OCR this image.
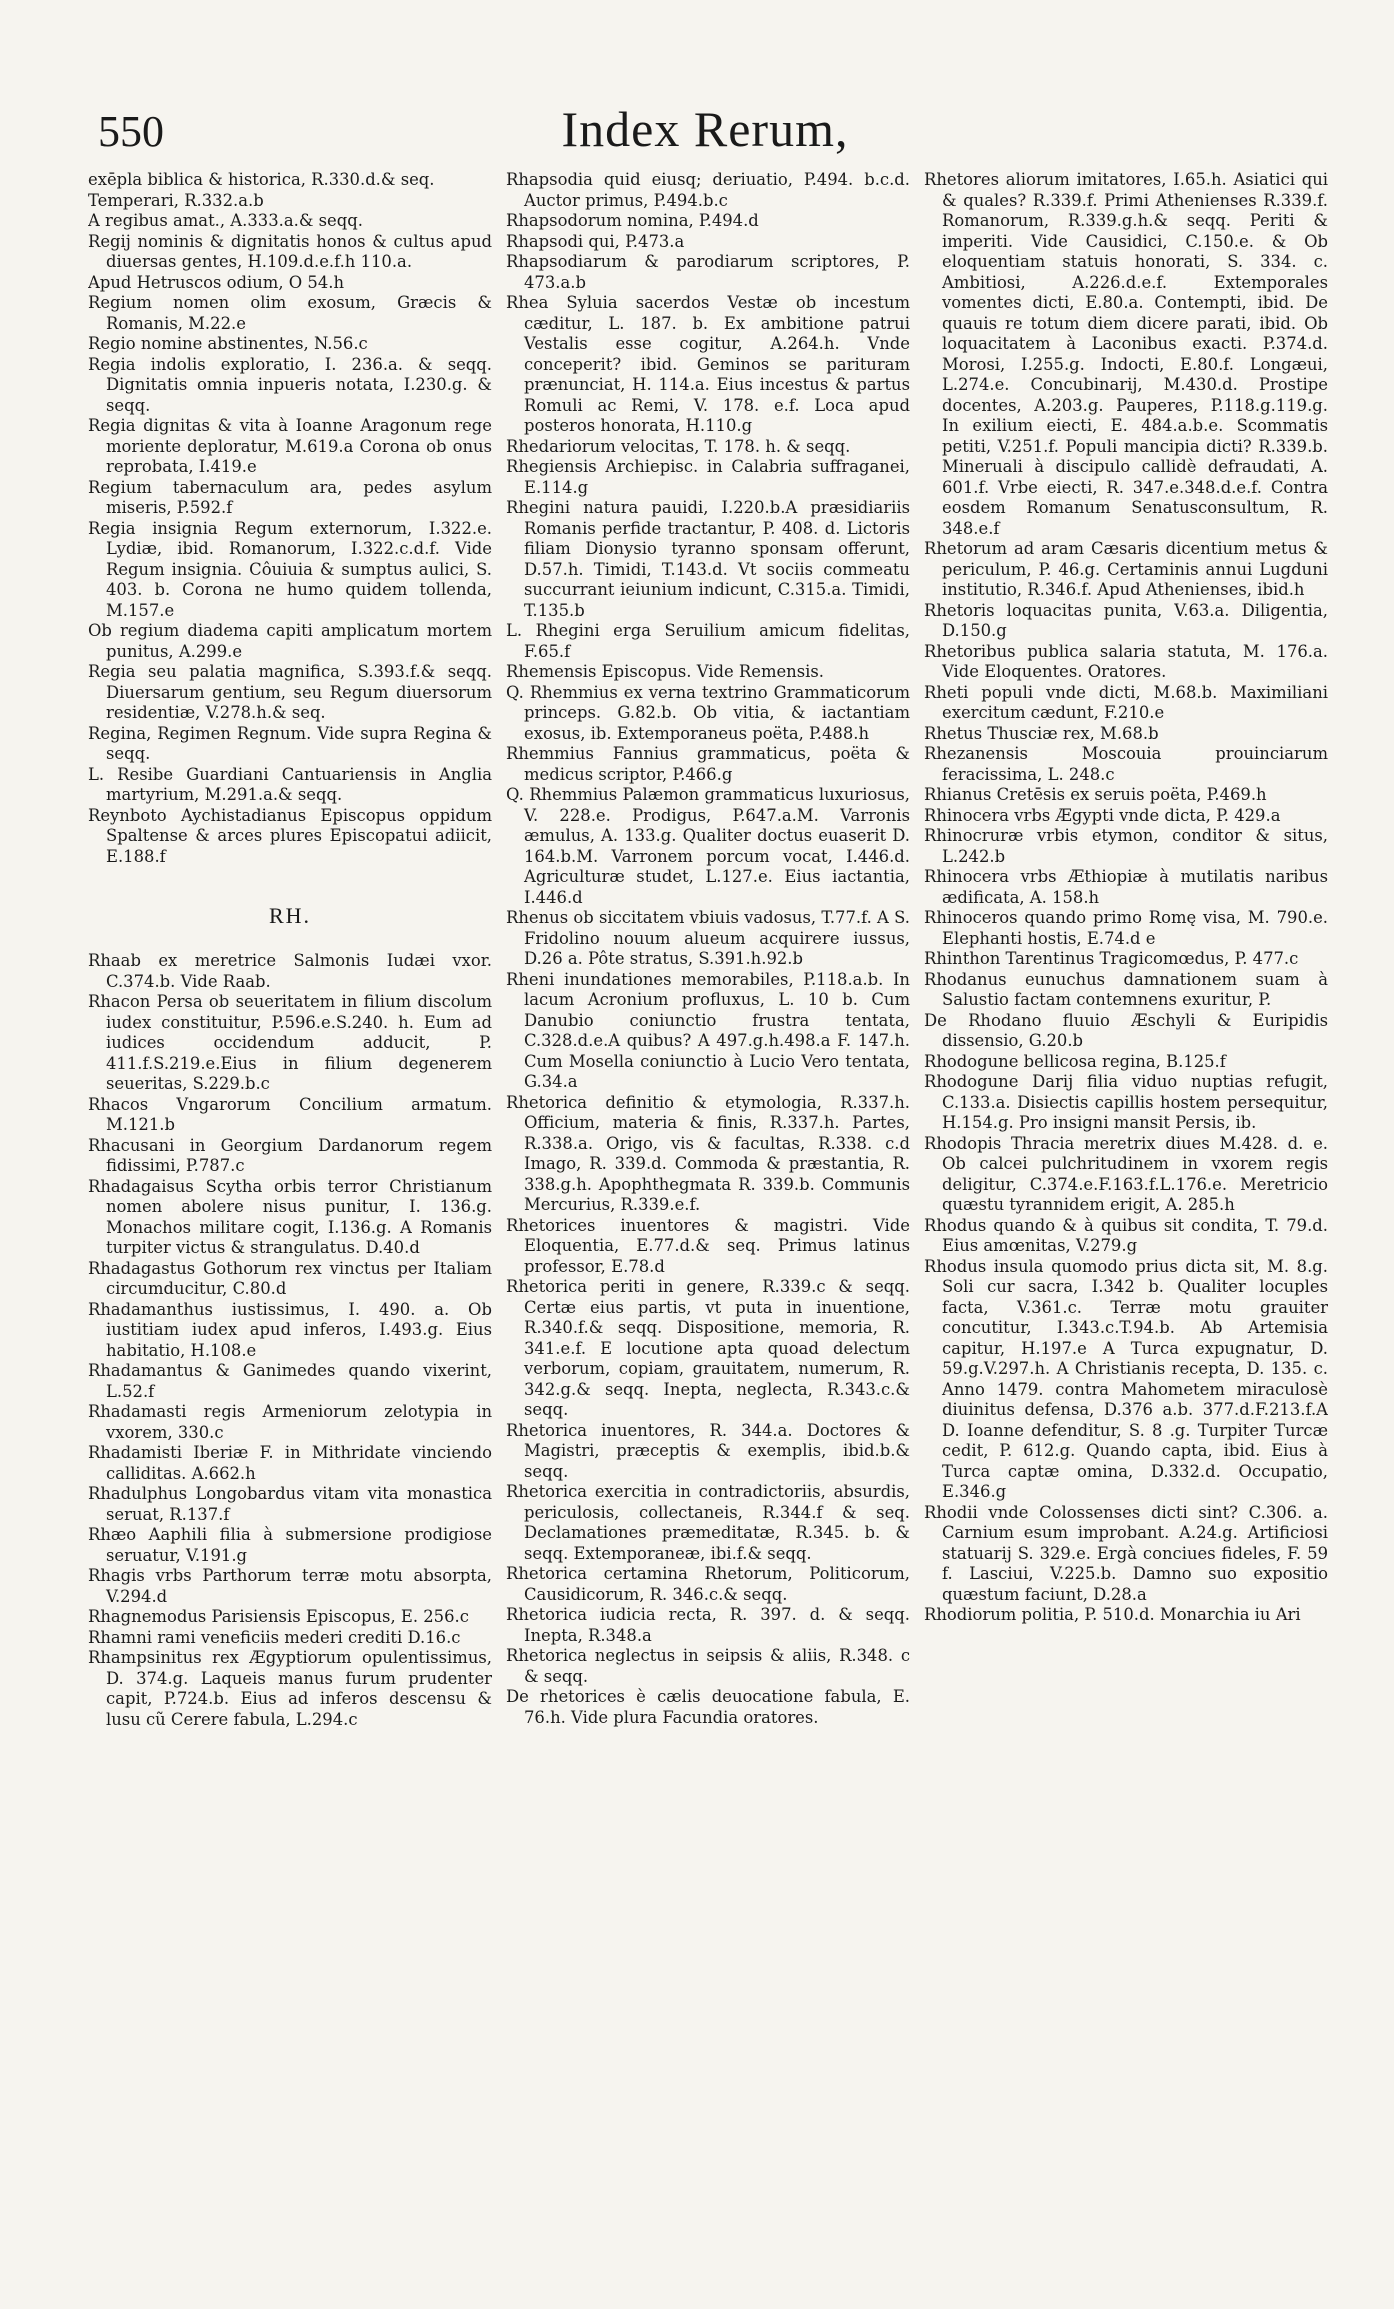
550	Index Rerum,

exēpla biblica & historica, R.330.d.& seq.

Temperari, R.332.a.b

A regibus amat., A.333.a.& seqq.

Regij nominis & dignitatis honos & cultus apud diuersas gentes, H.109.d.e.f.h 110.a.

Apud Hetruscos odium, O 54.h

Regium nomen olim exosum, Græcis & Romanis, M.22.e

Regio nomine abstinentes, N.56.c

Regia indolis exploratio, I. 236.a. & seqq. Dignitatis omnia inpueris notata, I.230.g. & seqq.

Regia dignitas & vita à Ioanne Aragonum rege moriente deploratur, M.619.a Corona ob onus reprobata, I.419.e

Regium tabernaculum ara, pedes asylum miseris, P.592.f

Regia insignia Regum externorum, I.322.e. Lydiæ, ibid. Romanorum, I.322.c.d.f. Vide Regum insignia. Côuiuia & sumptus aulici, S. 403. b. Corona ne humo quidem tollenda, M.157.e

Ob regium diadema capiti amplicatum mortem punitus, A.299.e

Regia seu palatia magnifica, S.393.f.& seqq. Diuersarum gentium, seu Regum diuersorum residentiæ, V.278.h.& seq.

Regina, Regimen Regnum. Vide supra Regina & seqq.

L. Resibe Guardiani Cantuariensis in Anglia martyrium, M.291.a.& seqq.

Reynboto Aychistadianus Episcopus oppidum Spaltense & arces plures Episcopatui adiicit, E.188.f

RH.

Rhaab ex meretrice Salmonis Iudæi vxor. C.374.b. Vide Raab.

Rhacon Persa ob seueritatem in filium discolum iudex constituitur, P.596.e.S.240. h. Eum ad iudices occidendum adducit, P. 411.f.S.219.e.Eius in filium degenerem seueritas, S.229.b.c

Rhacos Vngarorum Concilium armatum. M.121.b

Rhacusani in Georgium Dardanorum regem fidissimi, P.787.c

Rhadagaisus Scytha orbis terror Christianum nomen abolere nisus punitur, I. 136.g. Monachos militare cogit, I.136.g. A Romanis turpiter victus & strangulatus. D.40.d

Rhadagastus Gothorum rex vinctus per Italiam circumducitur, C.80.d

Rhadamanthus iustissimus, I. 490. a. Ob iustitiam iudex apud inferos, I.493.g. Eius habitatio, H.108.e

Rhadamantus & Ganimedes quando vixerint, L.52.f

Rhadamasti regis Armeniorum zelotypia in vxorem, 330.c

Rhadamisti Iberiæ F. in Mithridate vinciendo calliditas. A.662.h

Rhadulphus Longobardus vitam vita monastica seruat, R.137.f

Rhæo Aaphili filia à submersione prodigiose seruatur, V.191.g

Rhagis vrbs Parthorum terræ motu absorpta, V.294.d

Rhagnemodus Parisiensis Episcopus, E. 256.c

Rhamni rami veneficiis mederi crediti D.16.c

Rhampsinitus rex Ægyptiorum opulentissimus, D. 374.g. Laqueis manus furum prudenter capit, P.724.b. Eius ad inferos descensu & lusu cũ Cerere fabula, L.294.c

Rhapsodia quid eiusq; deriuatio, P.494. b.c.d. Auctor primus, P.494.b.c

Rhapsodorum nomina, P.494.d

Rhapsodi qui, P.473.a

Rhapsodiarum & parodiarum scriptores, P. 473.a.b

Rhea Syluia sacerdos Vestæ ob incestum cæditur, L. 187. b. Ex ambitione patrui Vestalis esse cogitur, A.264.h. Vnde conceperit? ibid. Geminos se parituram prænunciat, H. 114.a. Eius incestus & partus Romuli ac Remi, V. 178. e.f. Loca apud posteros honorata, H.110.g

Rhedariorum velocitas, T. 178. h. & seqq.

Rhegiensis Archiepisc. in Calabria suffraganei, E.114.g

Rhegini natura pauidi, I.220.b.A præsidiariis Romanis perfide tractantur, P. 408. d. Lictoris filiam Dionysio tyranno sponsam offerunt, D.57.h. Timidi, T.143.d. Vt sociis commeatu succurrant ieiunium indicunt, C.315.a. Timidi, T.135.b

L. Rhegini erga Seruilium amicum fidelitas, F.65.f

Rhemensis Episcopus. Vide Remensis.

Q. Rhemmius ex verna textrino Grammaticorum princeps. G.82.b. Ob vitia, & iactantiam exosus, ib. Extemporaneus poëta, P.488.h

Rhemmius Fannius grammaticus, poëta & medicus scriptor, P.466.g

Q. Rhemmius Palæmon grammaticus luxuriosus, V. 228.e. Prodigus, P.647.a.M. Varronis æmulus, A. 133.g. Qualiter doctus euaserit D. 164.b.M. Varronem porcum vocat, I.446.d. Agriculturæ studet, L.127.e. Eius iactantia, I.446.d

Rhenus ob siccitatem vbiuis vadosus, T.77.f. A S. Fridolino nouum alueum acquirere iussus, D.26 a. Pôte stratus, S.391.h.92.b

Rheni inundationes memorabiles, P.118.a.b. In lacum Acronium profluxus, L. 10 b. Cum Danubio coniunctio frustra tentata, C.328.d.e.A quibus? A 497.g.h.498.a F. 147.h. Cum Mosella coniunctio à Lucio Vero tentata, G.34.a

Rhetorica definitio & etymologia, R.337.h. Officium, materia & finis, R.337.h. Partes, R.338.a. Origo, vis & facultas, R.338. c.d Imago, R. 339.d. Commoda & præstantia, R. 338.g.h. Apophthegmata R. 339.b. Communis Mercurius, R.339.e.f.

Rhetorices inuentores & magistri. Vide Eloquentia, E.77.d.& seq. Primus latinus professor, E.78.d

Rhetorica periti in genere, R.339.c & seqq. Certæ eius partis, vt puta in inuentione, R.340.f.& seqq. Dispositione, memoria, R. 341.e.f. E locutione apta quoad delectum verborum, copiam, grauitatem, numerum, R. 342.g.& seqq. Inepta, neglecta, R.343.c.& seqq.

Rhetorica inuentores, R. 344.a. Doctores & Magistri, præceptis & exemplis, ibid.b.& seqq.

Rhetorica exercitia in contradictoriis, absurdis, periculosis, collectaneis, R.344.f & seq. Declamationes præmeditatæ, R.345. b. & seqq. Extemporaneæ, ibi.f.& seqq.

Rhetorica certamina Rhetorum, Politicorum, Causidicorum, R. 346.c.& seqq.

Rhetorica iudicia recta, R. 397. d. & seqq. Inepta, R.348.a

Rhetorica neglectus in seipsis & aliis, R.348. c & seqq.

De rhetorices è cælis deuocatione fabula, E. 76.h. Vide plura Facundia oratores.

Rhetores aliorum imitatores, I.65.h. Asiatici qui & quales? R.339.f. Primi Athenienses R.339.f. Romanorum, R.339.g.h.& seqq. Periti & imperiti. Vide Causidici, C.150.e. & Ob eloquentiam statuis honorati, S. 334. c. Ambitiosi, A.226.d.e.f. Extemporales vomentes dicti, E.80.a. Contempti, ibid. De quauis re totum diem dicere parati, ibid. Ob loquacitatem à Laconibus exacti. P.374.d. Morosi, I.255.g. Indocti, E.80.f. Longæui, L.274.e. Concubinarij, M.430.d. Prostipe docentes, A.203.g. Pauperes, P.118.g.119.g. In exilium eiecti, E. 484.a.b.e. Scommatis petiti, V.251.f. Populi mancipia dicti? R.339.b. Mineruali à discipulo callidè defraudati, A. 601.f. Vrbe eiecti, R. 347.e.348.d.e.f. Contra eosdem Romanum Senatusconsultum, R. 348.e.f

Rhetorum ad aram Cæsaris dicentium metus & periculum, P. 46.g. Certaminis annui Lugduni institutio, R.346.f. Apud Athenienses, ibid.h

Rhetoris loquacitas punita, V.63.a. Diligentia, D.150.g

Rhetoribus publica salaria statuta, M. 176.a. Vide Eloquentes. Oratores.

Rheti populi vnde dicti, M.68.b. Maximiliani exercitum cædunt, F.210.e

Rhetus Thusciæ rex, M.68.b

Rhezanensis Moscouia prouinciarum feracissima, L. 248.c

Rhianus Cretēsis ex seruis poëta, P.469.h

Rhinocera vrbs Ægypti vnde dicta, P. 429.a

Rhinocruræ vrbis etymon, conditor & situs, L.242.b

Rhinocera vrbs Æthiopiæ à mutilatis naribus ædificata, A. 158.h

Rhinoceros quando primo Romę visa, M. 790.e. Elephanti hostis, E.74.d e

Rhinthon Tarentinus Tragicomœdus, P. 477.c

Rhodanus eunuchus damnationem suam à Salustio factam contemnens exuritur, P.

De Rhodano fluuio Æschyli & Euripidis dissensio, G.20.b

Rhodogune bellicosa regina, B.125.f

Rhodogune Darij filia viduo nuptias refugit, C.133.a. Disiectis capillis hostem persequitur, H.154.g. Pro insigni mansit Persis, ib.

Rhodopis Thracia meretrix diues M.428. d. e. Ob calcei pulchritudinem in vxorem regis deligitur, C.374.e.F.163.f.L.176.e. Meretricio quæstu tyrannidem erigit, A. 285.h

Rhodus quando & à quibus sit condita, T. 79.d. Eius amœnitas, V.279.g

Rhodus insula quomodo prius dicta sit, M. 8.g. Soli cur sacra, I.342 b. Qualiter locuples facta, V.361.c. Terræ motu grauiter concutitur, I.343.c.T.94.b. Ab Artemisia capitur, H.197.e A Turca expugnatur, D. 59.g.V.297.h. A Christianis recepta, D. 135. c. Anno 1479. contra Mahometem miraculosè diuinitus defensa, D.376 a.b. 377.d.F.213.f.A D. Ioanne defenditur, S. 8 .g. Turpiter Turcæ cedit, P. 612.g. Quando capta, ibid. Eius à Turca captæ omina, D.332.d. Occupatio, E.346.g

Rhodii vnde Colossenses dicti sint? C.306. a. Carnium esum improbant. A.24.g. Artificiosi statuarij S. 329.e. Ergà conciues fideles, F. 59 f. Lasciui, V.225.b. Damno suo expositio quæstum faciunt, D.28.a

Rhodiorum politia, P. 510.d. Monarchia iu Ari
